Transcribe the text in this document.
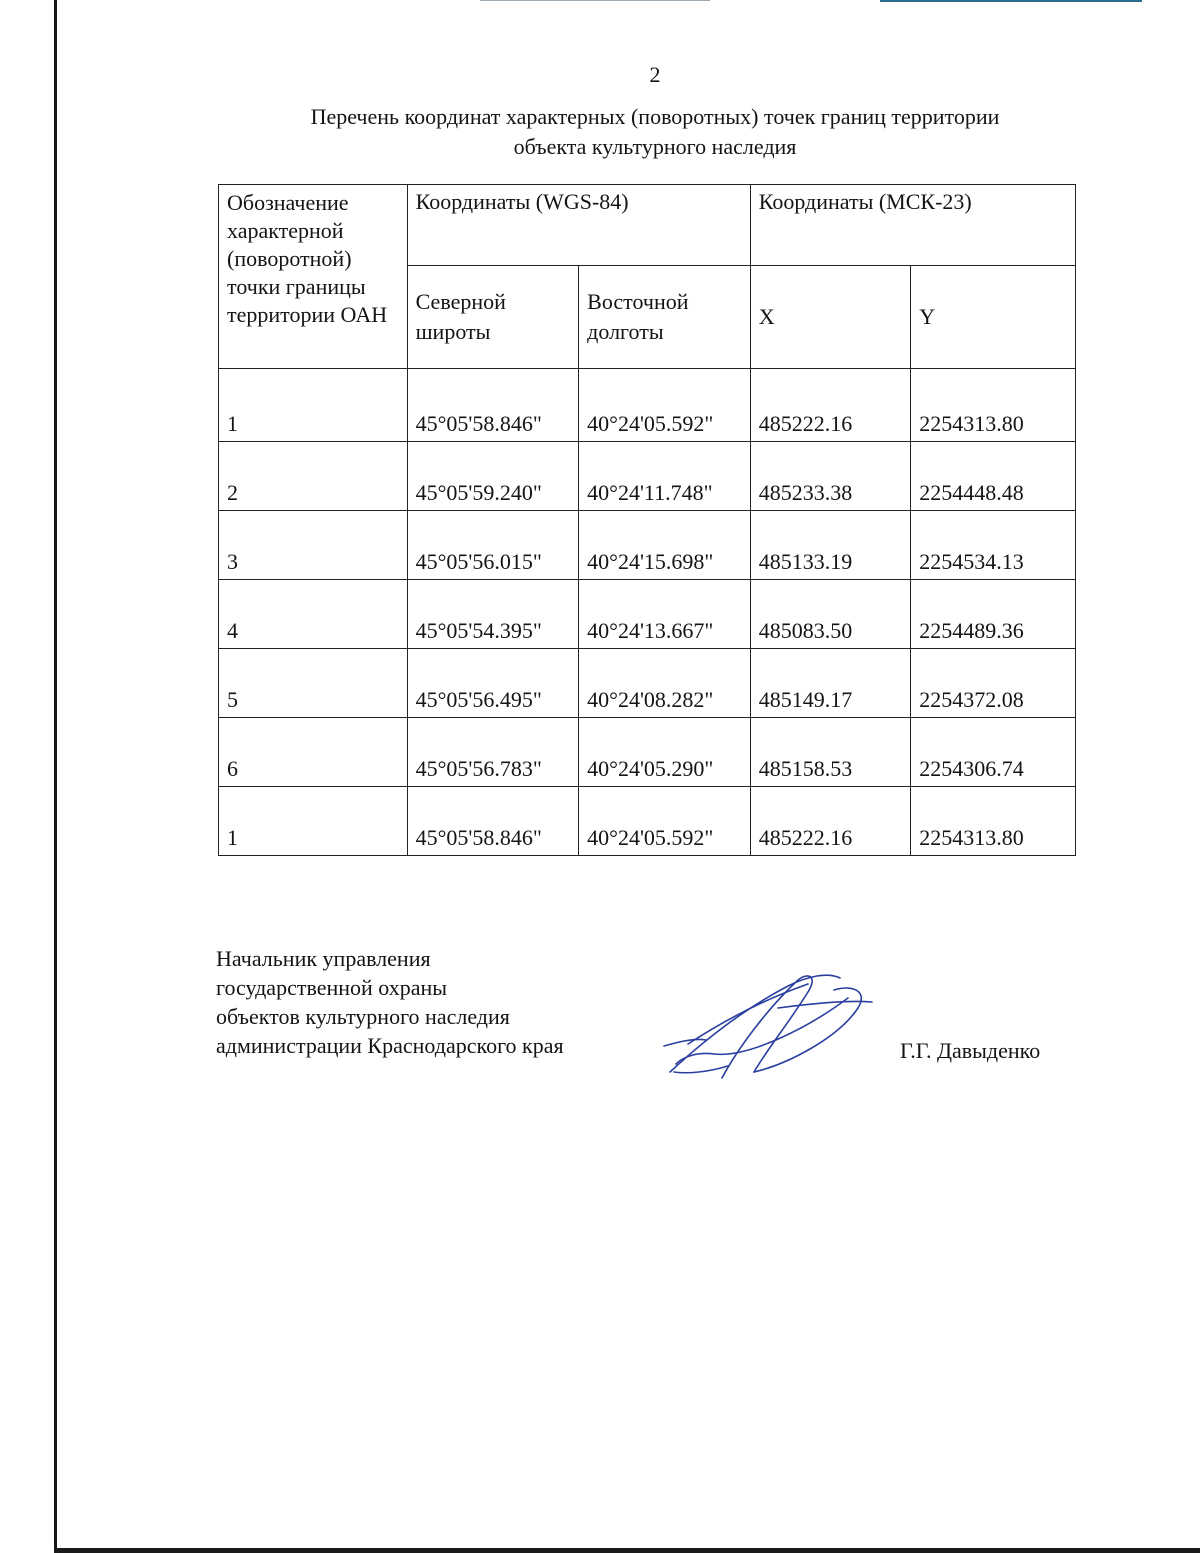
2
Перечень координат характерных (поворотных) точек границ территории
объекта культурного наследия
Обозначение характерной (поворотной) точки границы территории ОАН	Координаты (WGS-84)		Координаты (МСК-23)	
	Северной широты	Восточной долготы	X	Y
1	45°05'58.846"	40°24'05.592"	485222.16	2254313.80
2	45°05'59.240"	40°24'11.748"	485233.38	2254448.48
3	45°05'56.015"	40°24'15.698"	485133.19	2254534.13
4	45°05'54.395"	40°24'13.667"	485083.50	2254489.36
5	45°05'56.495"	40°24'08.282"	485149.17	2254372.08
6	45°05'56.783"	40°24'05.290"	485158.53	2254306.74
1	45°05'58.846"	40°24'05.592"	485222.16	2254313.80
Начальник управления
государственной охраны
объектов культурного наследия
администрации Краснодарского края	Г.Г. Давыденко
